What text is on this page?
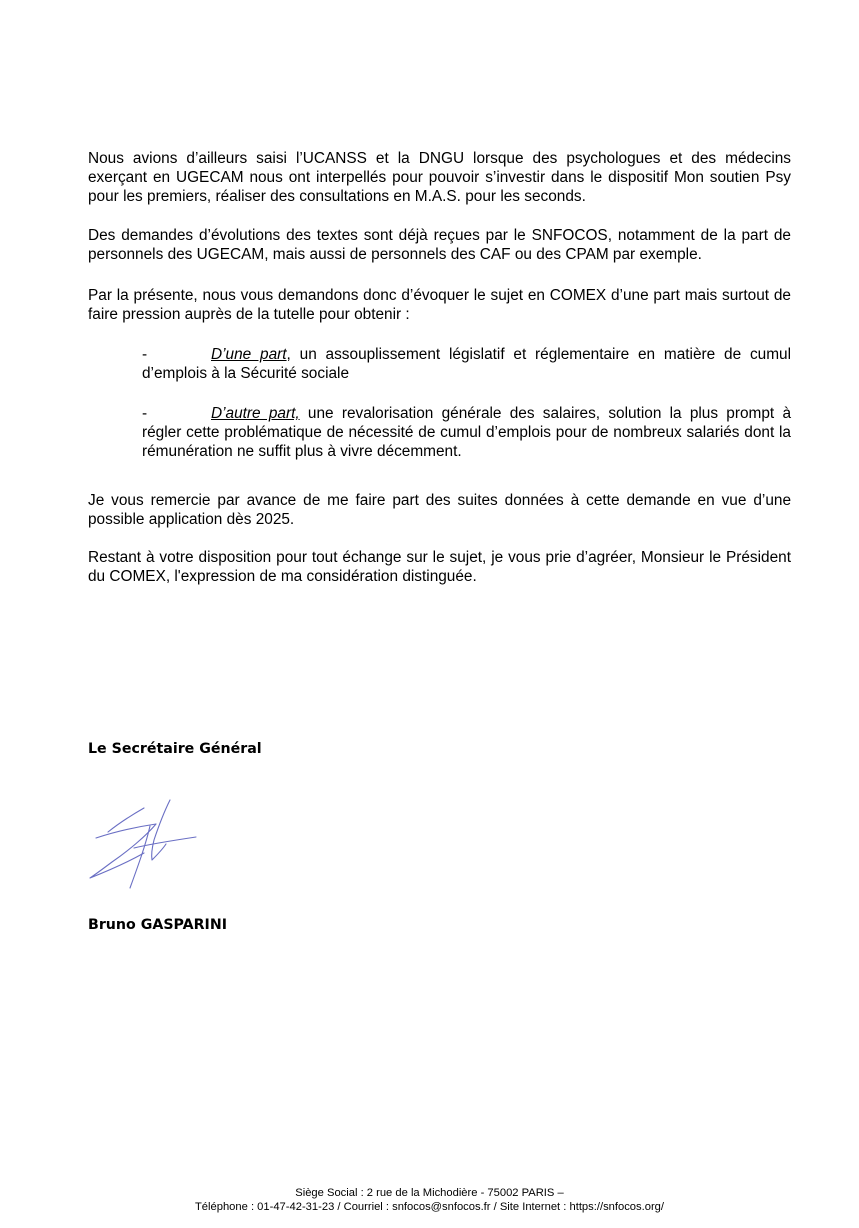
Nous avions d’ailleurs saisi l’UCANSS et la DNGU lorsque des psychologues et des médecins exerçant en UGECAM nous ont interpellés pour pouvoir s’investir dans le dispositif Mon soutien Psy pour les premiers, réaliser des consultations en M.A.S. pour les seconds.

Des demandes d’évolutions des textes sont déjà reçues par le SNFOCOS, notamment de la part de personnels des UGECAM, mais aussi de personnels des CAF ou des CPAM par exemple.

Par la présente, nous vous demandons donc d’évoquer le sujet en COMEX d’une part mais surtout de faire pression auprès de la tutelle pour obtenir :

-	D’une part, un assouplissement législatif et réglementaire en matière de cumul d’emplois à la Sécurité sociale
-	D’autre part, une revalorisation générale des salaires, solution la plus prompt à régler cette problématique de nécessité de cumul d’emplois pour de nombreux salariés dont la rémunération ne suffit plus à vivre décemment.

Je vous remercie par avance de me faire part des suites données à cette demande en vue d’une possible application dès 2025.

Restant à votre disposition pour tout échange sur le sujet, je vous prie d’agréer, Monsieur le Président du COMEX, l'expression de ma considération distinguée.

Le Secrétaire Général

Bruno GASPARINI

Siège Social : 2 rue de la Michodière - 75002 PARIS –
Téléphone : 01-47-42-31-23 / Courriel : snfocos@snfocos.fr / Site Internet : https://snfocos.org/
